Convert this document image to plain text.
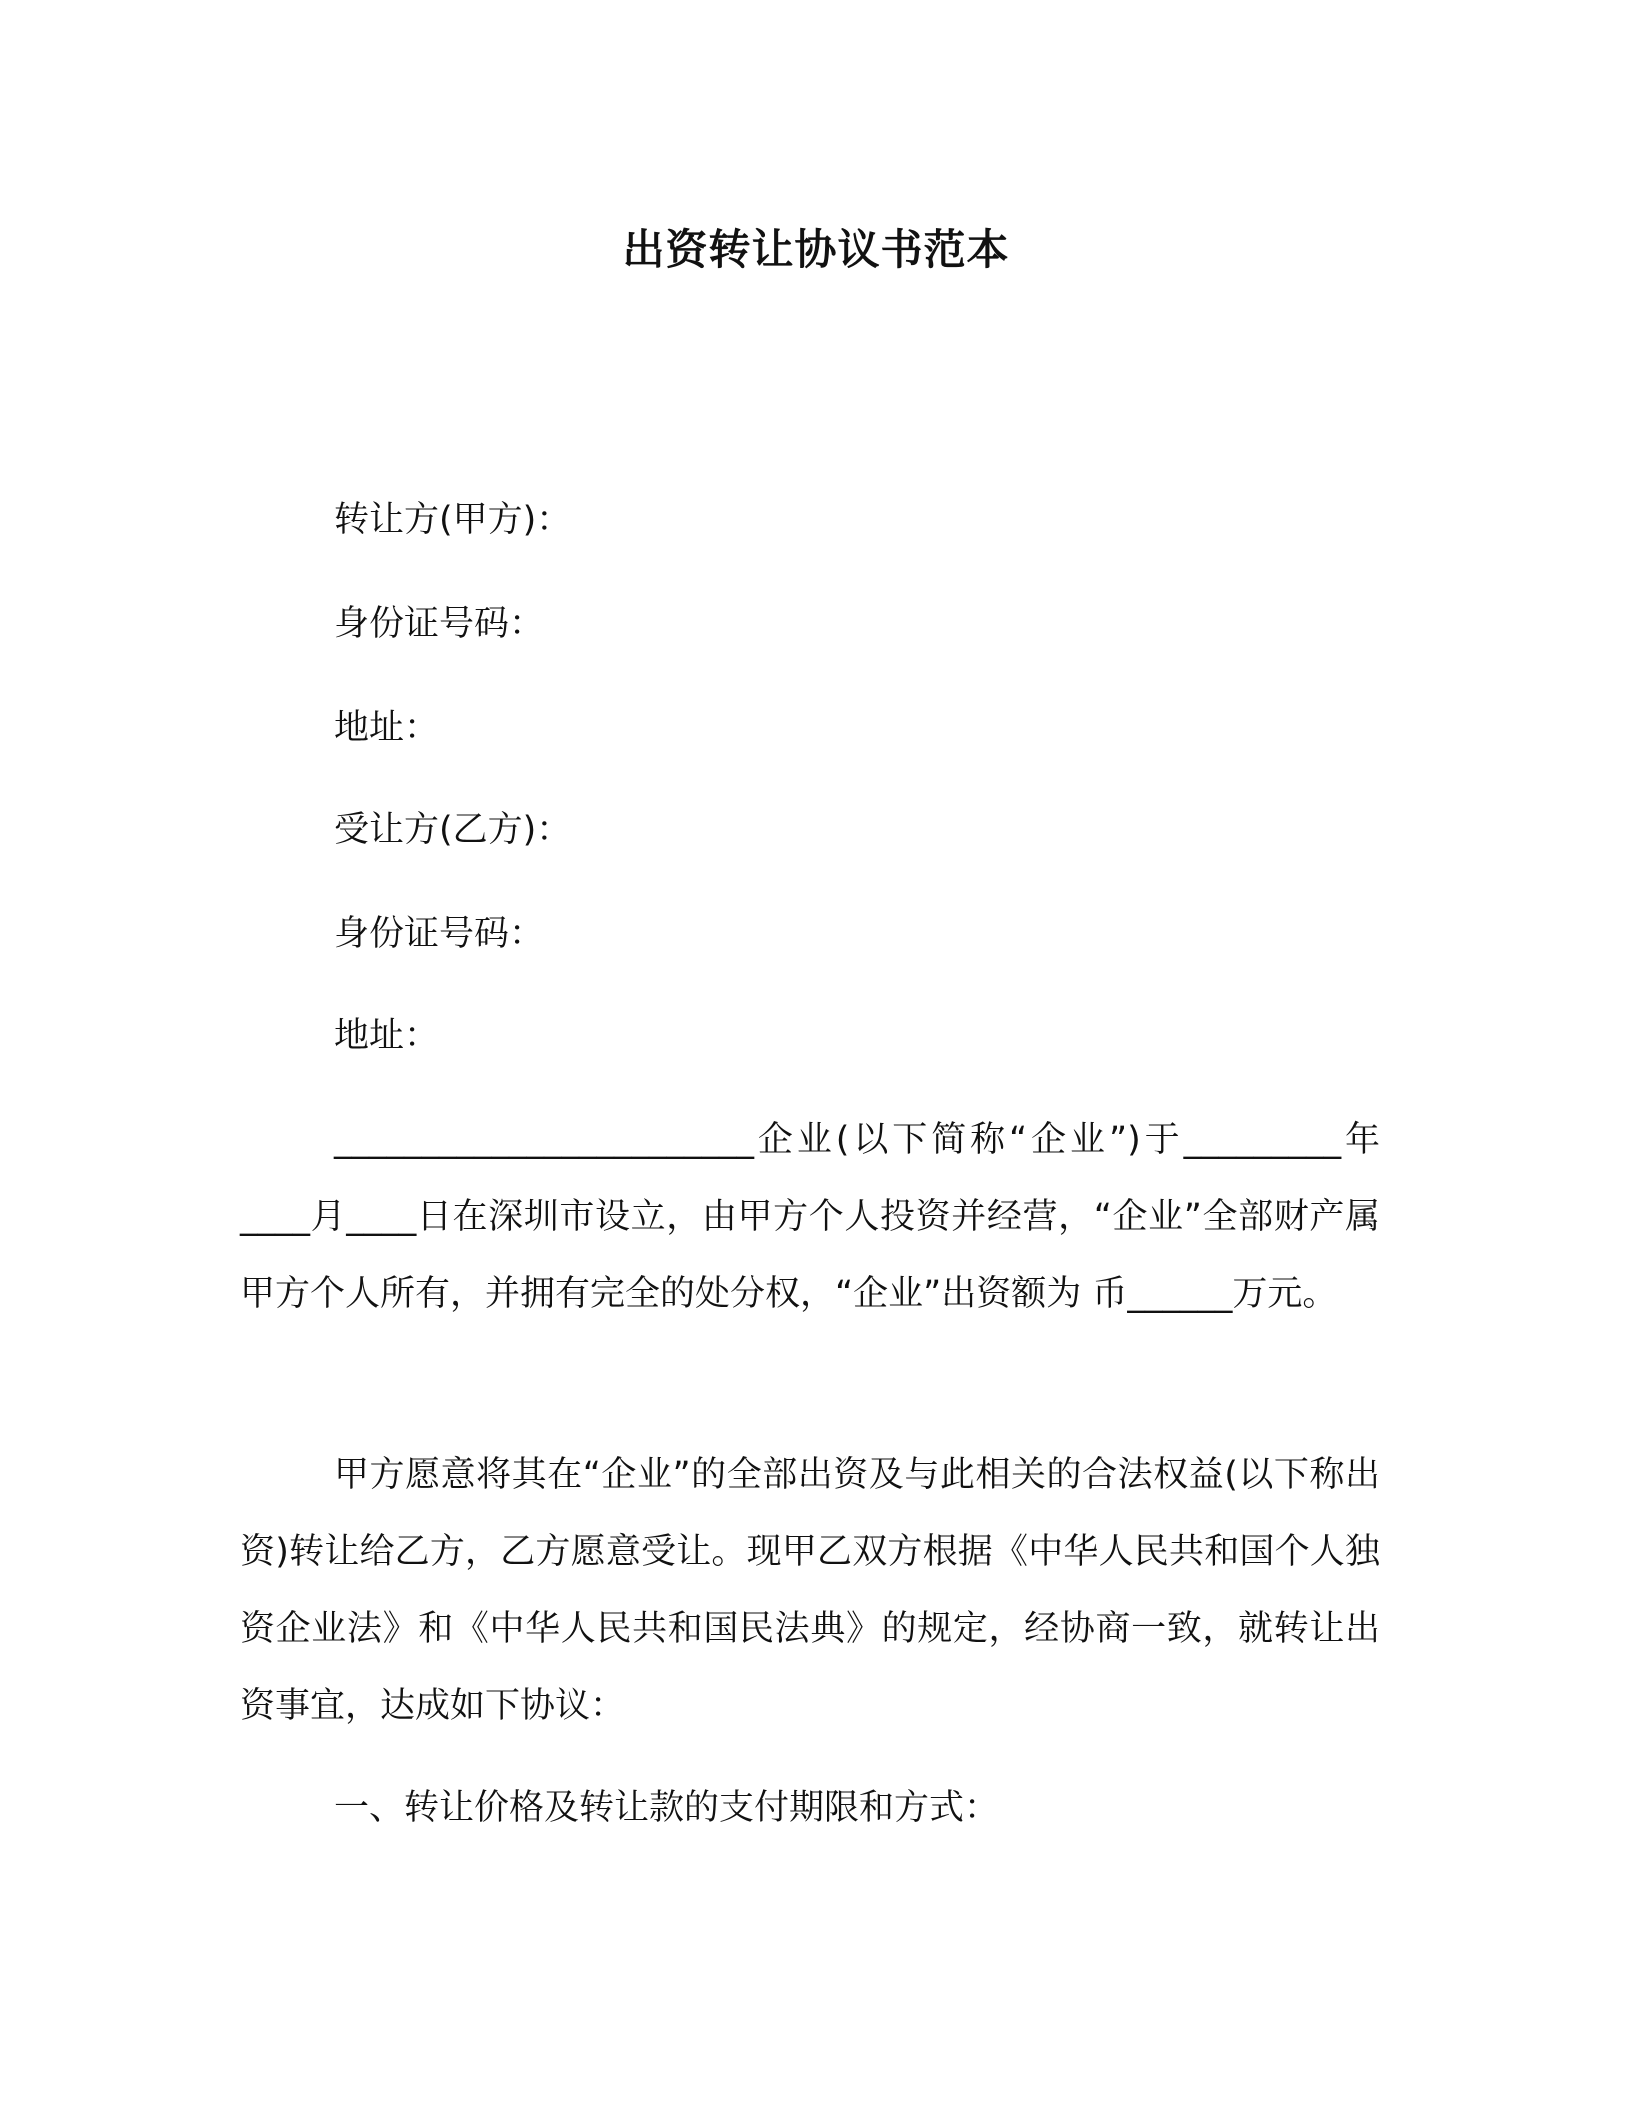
出资转让协议书范本
转让方(甲方)：
身份证号码：
地址：
受让方(乙方)：
身份证号码：
地址：
________________________企业(以下简称“企业”)于_________年____月____日在深圳市设立，由甲方个人投资并经营，“企业”全部财产属甲方个人所有，并拥有完全的处分权，“企业”出资额为 币______万元。
甲方愿意将其在“企业”的全部出资及与此相关的合法权益(以下称出资)转让给乙方，乙方愿意受让。现甲乙双方根据《中华人民共和国个人独资企业法》和《中华人民共和国民法典》的规定，经协商一致，就转让出资事宜，达成如下协议：
一、转让价格及转让款的支付期限和方式：
